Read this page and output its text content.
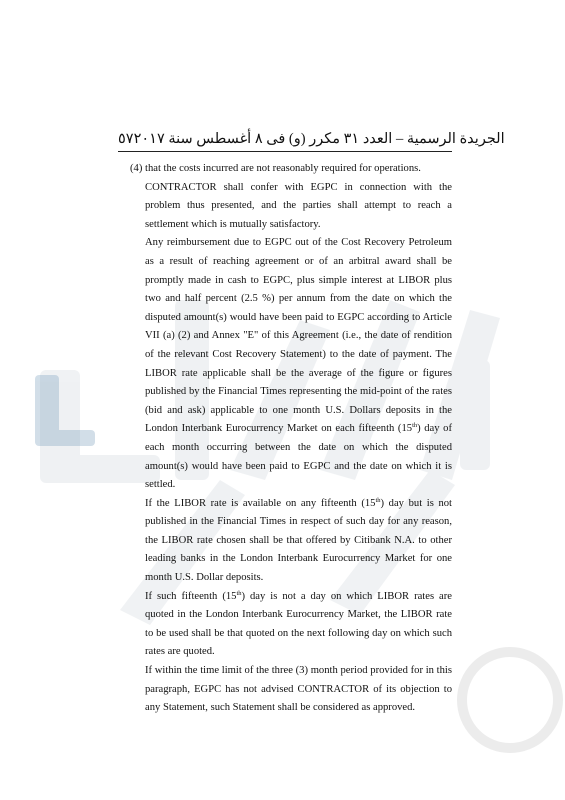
٥٧ الجريدة الرسمية – العدد ٣١ مكرر (و) فى ٨ أغسطس سنة ٢٠١٧

(4) that the costs incurred are not reasonably required for operations.

CONTRACTOR shall confer with EGPC in connection with the problem thus presented, and the parties shall attempt to reach a settlement which is mutually satisfactory.

Any reimbursement due to EGPC out of the Cost Recovery Petroleum as a result of reaching agreement or of an arbitral award shall be promptly made in cash to EGPC, plus simple interest at LIBOR plus two and half percent (2.5 %) per annum from the date on which the disputed amount(s) would have been paid to EGPC according to Article VII (a) (2) and Annex "E" of this Agreement (i.e., the date of rendition of the relevant Cost Recovery Statement) to the date of payment. The LIBOR rate applicable shall be the average of the figure or figures published by the Financial Times representing the mid-point of the rates (bid and ask) applicable to one month U.S. Dollars deposits in the London Interbank Eurocurrency Market on each fifteenth (15th) day of each month occurring between the date on which the disputed amount(s) would have been paid to EGPC and the date on which it is settled.

If the LIBOR rate is available on any fifteenth (15th) day but is not published in the Financial Times in respect of such day for any reason, the LIBOR rate chosen shall be that offered by Citibank N.A. to other leading banks in the London Interbank Eurocurrency Market for one month U.S. Dollar deposits.

If such fifteenth (15th) day is not a day on which LIBOR rates are quoted in the London Interbank Eurocurrency Market, the LIBOR rate to be used shall be that quoted on the next following day on which such rates are quoted.

If within the time limit of the three (3) month period provided for in this paragraph, EGPC has not advised CONTRACTOR of its objection to any Statement, such Statement shall be considered as approved.
